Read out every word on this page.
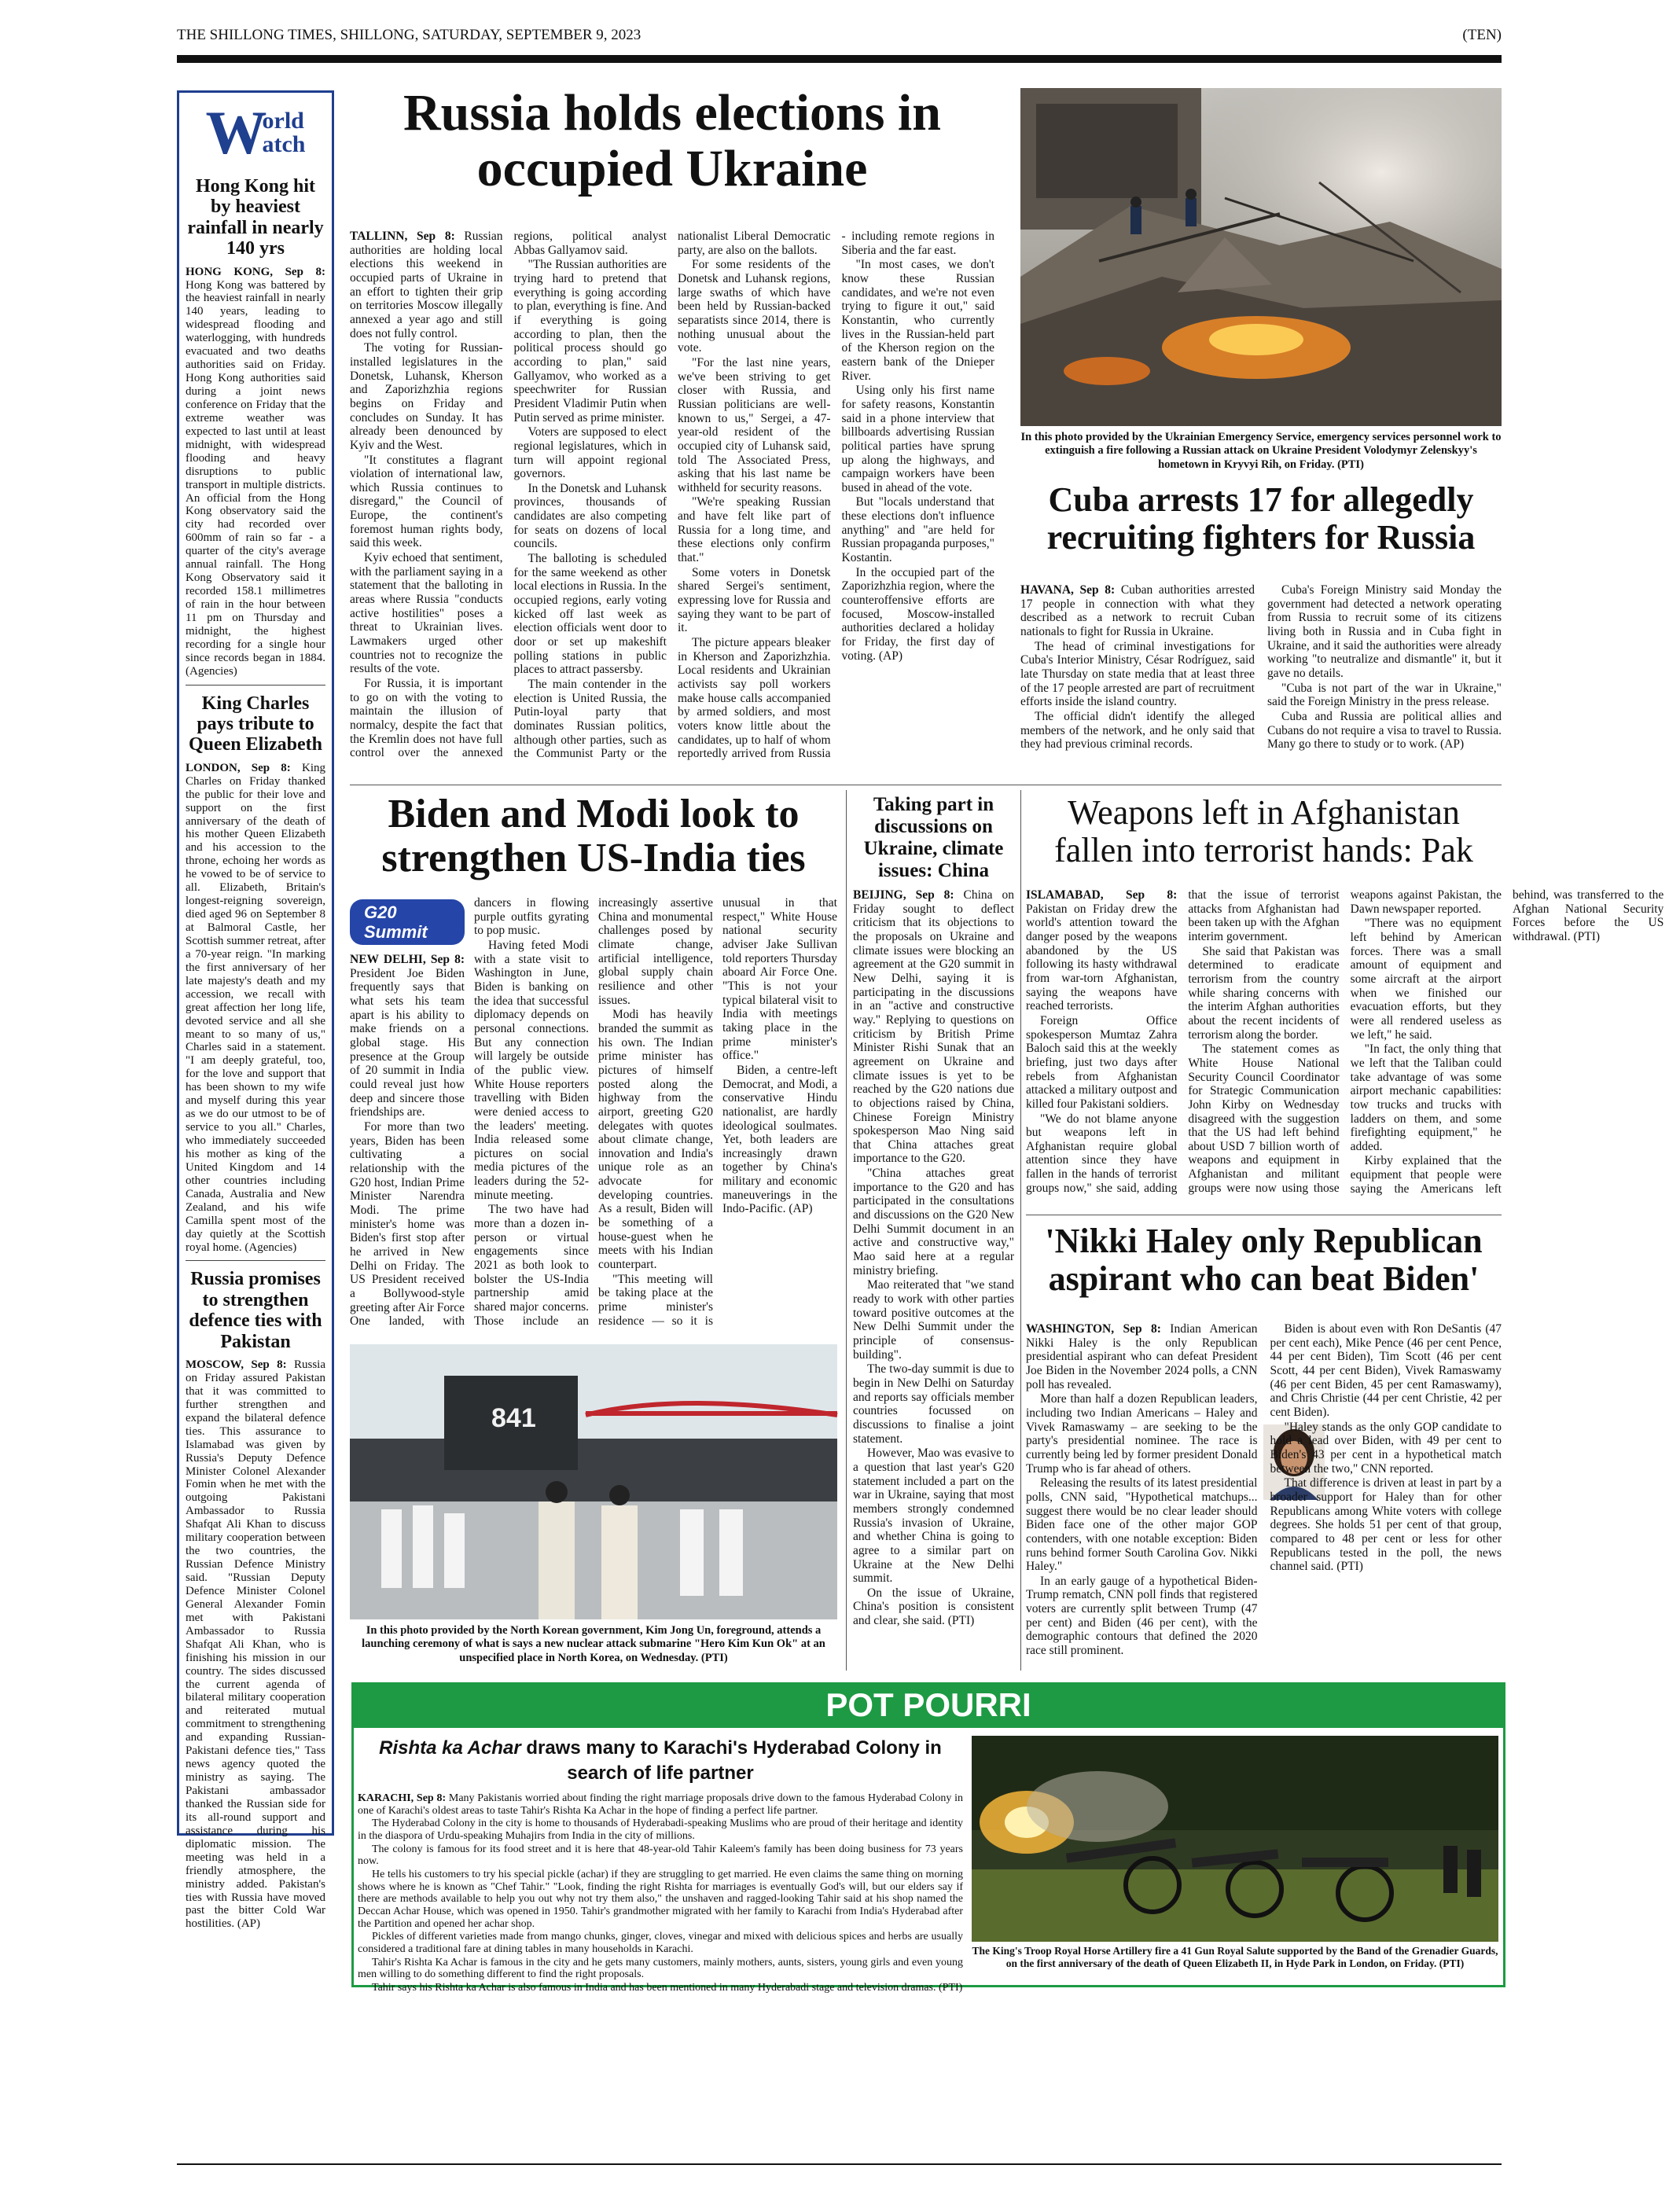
THE SHILLONG TIMES, SHILLONG, SATURDAY, SEPTEMBER 9, 2023	(TEN)
W
orld
atch
Hong Kong hit by heaviest rainfall in nearly 140 yrs

HONG KONG, Sep 8: Hong Kong was battered by the heaviest rainfall in nearly 140 years, leading to widespread flooding and waterlogging, with hundreds evacuated and two deaths authorities said on Friday. Hong Kong authorities said during a joint news conference on Friday that the extreme weather was expected to last until at least midnight, with widespread flooding and heavy disruptions to public transport in multiple districts. An official from the Hong Kong observatory said the city had recorded over 600mm of rain so far - a quarter of the city's average annual rainfall. The Hong Kong Observatory said it recorded 158.1 millimetres of rain in the hour between 11 pm on Thursday and midnight, the highest recording for a single hour since records began in 1884. (Agencies)

King Charles pays tribute to Queen Elizabeth

LONDON, Sep 8: King Charles on Friday thanked the public for their love and support on the first anniversary of the death of his mother Queen Elizabeth and his accession to the throne, echoing her words as he vowed to be of service to all. Elizabeth, Britain's longest-reigning sovereign, died aged 96 on September 8 at Balmoral Castle, her Scottish summer retreat, after a 70-year reign. "In marking the first anniversary of her late majesty's death and my accession, we recall with great affection her long life, devoted service and all she meant to so many of us," Charles said in a statement. "I am deeply grateful, too, for the love and support that has been shown to my wife and myself during this year as we do our utmost to be of service to you all." Charles, who immediately succeeded his mother as king of the United Kingdom and 14 other countries including Canada, Australia and New Zealand, and his wife Camilla spent most of the day quietly at the Scottish royal home. (Agencies)

Russia promises to strengthen defence ties with Pakistan

MOSCOW, Sep 8: Russia on Friday assured Pakistan that it was committed to further strengthen and expand the bilateral defence ties. This assurance to Islamabad was given by Russia's Deputy Defence Minister Colonel Alexander Fomin when he met with the outgoing Pakistani Ambassador to Russia Shafqat Ali Khan to discuss military cooperation between the two countries, the Russian Defence Ministry said. "Russian Deputy Defence Minister Colonel General Alexander Fomin met with Pakistani Ambassador to Russia Shafqat Ali Khan, who is finishing his mission in our country. The sides discussed the current agenda of bilateral military cooperation and reiterated mutual commitment to strengthening and expanding Russian-Pakistani defence ties," Tass news agency quoted the ministry as saying. The Pakistani ambassador thanked the Russian side for its all-round support and assistance during his diplomatic mission. The meeting was held in a friendly atmosphere, the ministry added. Pakistan's ties with Russia have moved past the bitter Cold War hostilities. (AP)

Russia holds elections in occupied Ukraine

TALLINN, Sep 8: Russian authorities are holding local elections this weekend in occupied parts of Ukraine in an effort to tighten their grip on territories Moscow illegally annexed a year ago and still does not fully control.

The voting for Russian-installed legislatures in the Donetsk, Luhansk, Kherson and Zaporizhzhia regions begins on Friday and concludes on Sunday. It has already been denounced by Kyiv and the West.

"It constitutes a flagrant violation of international law, which Russia continues to disregard," the Council of Europe, the continent's foremost human rights body, said this week.

Kyiv echoed that sentiment, with the parliament saying in a statement that the balloting in areas where Russia "conducts active hostilities" poses a threat to Ukrainian lives. Lawmakers urged other countries not to recognize the results of the vote.

For Russia, it is important to go on with the voting to maintain the illusion of normalcy, despite the fact that the Kremlin does not have full control over the annexed regions, political analyst Abbas Gallyamov said.

"The Russian authorities are trying hard to pretend that everything is going according to plan, everything is fine. And if everything is going according to plan, then the political process should go according to plan," said Gallyamov, who worked as a speechwriter for Russian President Vladimir Putin when Putin served as prime minister.

Voters are supposed to elect regional legislatures, which in turn will appoint regional governors.

In the Donetsk and Luhansk provinces, thousands of candidates are also competing for seats on dozens of local councils.

The balloting is scheduled for the same weekend as other local elections in Russia. In the occupied regions, early voting kicked off last week as election officials went door to door or set up makeshift polling stations in public places to attract passersby.

The main contender in the election is United Russia, the Putin-loyal party that dominates Russian politics, although other parties, such as the Communist Party or the nationalist Liberal Democratic party, are also on the ballots.

For some residents of the Donetsk and Luhansk regions, large swaths of which have been held by Russian-backed separatists since 2014, there is nothing unusual about the vote.

"For the last nine years, we've been striving to get closer with Russia, and Russian politicians are well-known to us," Sergei, a 47-year-old resident of the occupied city of Luhansk said, told The Associated Press, asking that his last name be withheld for security reasons.

"We're speaking Russian and have felt like part of Russia for a long time, and these elections only confirm that."

Some voters in Donetsk shared Sergei's sentiment, expressing love for Russia and saying they want to be part of it.

The picture appears bleaker in Kherson and Zaporizhzhia. Local residents and Ukrainian activists say poll workers make house calls accompanied by armed soldiers, and most voters know little about the candidates, up to half of whom reportedly arrived from Russia - including remote regions in Siberia and the far east.

"In most cases, we don't know these Russian candidates, and we're not even trying to figure it out," said Konstantin, who currently lives in the Russian-held part of the Kherson region on the eastern bank of the Dnieper River.

Using only his first name for safety reasons, Konstantin said in a phone interview that billboards advertising Russian political parties have sprung up along the highways, and campaign workers have been bused in ahead of the vote.

But "locals understand that these elections don't influence anything" and "are held for Russian propaganda purposes," Kostantin.

In the occupied part of the Zaporizhzhia region, where the counteroffensive efforts are focused, Moscow-installed authorities declared a holiday for Friday, the first day of voting. (AP)

In this photo provided by the Ukrainian Emergency Service, emergency services personnel work to extinguish a fire following a Russian attack on Ukraine President Volodymyr Zelenskyy's hometown in Kryvyi Rih, on Friday. (PTI)
Cuba arrests 17 for allegedly recruiting fighters for Russia

HAVANA, Sep 8: Cuban authorities arrested 17 people in connection with what they described as a network to recruit Cuban nationals to fight for Russia in Ukraine.

The head of criminal investigations for Cuba's Interior Ministry, César Rodríguez, said late Thursday on state media that at least three of the 17 people arrested are part of recruitment efforts inside the island country.

The official didn't identify the alleged members of the network, and he only said that they had previous criminal records.

Cuba's Foreign Ministry said Monday the government had detected a network operating from Russia to recruit some of its citizens living both in Russia and in Cuba fight in Ukraine, and it said the authorities were already working "to neutralize and dismantle" it, but it gave no details.

"Cuba is not part of the war in Ukraine," said the Foreign Ministry in the press release.

Cuba and Russia are political allies and Cubans do not require a visa to travel to Russia. Many go there to study or to work. (AP)

Biden and Modi look to strengthen US-India ties
G20 Summit

NEW DELHI, Sep 8: President Joe Biden frequently says that what sets his team apart is his ability to make friends on a global stage. His presence at the Group of 20 summit in India could reveal just how deep and sincere those friendships are.

For more than two years, Biden has been cultivating a relationship with the G20 host, Indian Prime Minister Narendra Modi. The prime minister's home was Biden's first stop after he arrived in New Delhi on Friday. The US President received a Bollywood-style greeting after Air Force One landed, with dancers in flowing purple outfits gyrating to pop music.

Having feted Modi with a state visit to Washington in June, Biden is banking on the idea that successful diplomacy depends on personal connections. But any connection will largely be outside of the public view. White House reporters travelling with Biden were denied access to the leaders' meeting. India released some pictures on social media pictures of the leaders during the 52-minute meeting.

The two have had more than a dozen in-person or virtual engagements since 2021 as both look to bolster the US-India partnership amid shared major concerns. Those include an increasingly assertive China and monumental challenges posed by climate change, artificial intelligence, global supply chain resilience and other issues.

Modi has heavily branded the summit as his own. The Indian prime minister has pictures of himself posted along the highway from the airport, greeting G20 delegates with quotes about climate change, innovation and India's unique role as an advocate for developing countries. As a result, Biden will be something of a house-guest when he meets with his Indian counterpart.

"This meeting will be taking place at the prime minister's residence — so it is unusual in that respect," White House national security adviser Jake Sullivan told reporters Thursday aboard Air Force One. "This is not your typical bilateral visit to India with meetings taking place in the prime minister's office."

Biden, a centre-left Democrat, and Modi, a conservative Hindu nationalist, are hardly ideological soulmates. Yet, both leaders are increasingly drawn together by China's military and economic maneuverings in the Indo-Pacific. (AP)

841
In this photo provided by the North Korean government, Kim Jong Un, foreground, attends a launching ceremony of what is says a new nuclear attack submarine "Hero Kim Kun Ok" at an unspecified place in North Korea, on Wednesday. (PTI)
Taking part in discussions on Ukraine, climate issues: China

BEIJING, Sep 8: China on Friday sought to deflect criticism that its objections to the proposals on Ukraine and climate issues were blocking an agreement at the G20 summit in New Delhi, saying it is participating in the discussions in an "active and constructive way." Replying to questions on criticism by British Prime Minister Rishi Sunak that an agreement on Ukraine and climate issues is yet to be reached by the G20 nations due to objections raised by China, Chinese Foreign Ministry spokesperson Mao Ning said that China attaches great importance to the G20.

"China attaches great importance to the G20 and has participated in the consultations and discussions on the G20 New Delhi Summit document in an active and constructive way," Mao said here at a regular ministry briefing.

Mao reiterated that "we stand ready to work with other parties toward positive outcomes at the New Delhi Summit under the principle of consensus-building".

The two-day summit is due to begin in New Delhi on Saturday and reports say officials member countries focussed on discussions to finalise a joint statement.

However, Mao was evasive to a question that last year's G20 statement included a part on the war in Ukraine, saying that most members strongly condemned Russia's invasion of Ukraine, and whether China is going to agree to a similar part on Ukraine at the New Delhi summit.

On the issue of Ukraine, China's position is consistent and clear, she said. (PTI)

Weapons left in Afghanistan fallen into terrorist hands: Pak

ISLAMABAD, Sep 8: Pakistan on Friday drew the world's attention toward the danger posed by the weapons abandoned by the US following its hasty withdrawal from war-torn Afghanistan, saying the weapons have reached terrorists.

Foreign Office spokesperson Mumtaz Zahra Baloch said this at the weekly briefing, just two days after rebels from Afghanistan attacked a military outpost and killed four Pakistani soldiers.

"We do not blame anyone but weapons left in Afghanistan require global attention since they have fallen in the hands of terrorist groups now," she said, adding that the issue of terrorist attacks from Afghanistan had been taken up with the Afghan interim government.

She said that Pakistan was determined to eradicate terrorism from the country while sharing concerns with the interim Afghan authorities about the recent incidents of terrorism along the border.

The statement comes as White House National Security Council Coordinator for Strategic Communication John Kirby on Wednesday disagreed with the suggestion that the US had left behind about USD 7 billion worth of weapons and equipment in Afghanistan and militant groups were now using those weapons against Pakistan, the Dawn newspaper reported.

"There was no equipment left behind by American forces. There was a small amount of equipment and some aircraft at the airport when we finished our evacuation efforts, but they were all rendered useless as we left," he said.

"In fact, the only thing that we left that the Taliban could take advantage of was some airport mechanic capabilities: tow trucks and trucks with ladders on them, and some firefighting equipment," he added.

Kirby explained that the equipment that people were saying the Americans left behind, was transferred to the Afghan National Security Forces before the US withdrawal. (PTI)

'Nikki Haley only Republican aspirant who can beat Biden'

WASHINGTON, Sep 8: Indian American Nikki Haley is the only Republican presidential aspirant who can defeat President Joe Biden in the November 2024 polls, a CNN poll has revealed.

More than half a dozen Republican leaders, including two Indian Americans – Haley and Vivek Ramaswamy – are seeking to be the party's presidential nominee. The race is currently being led by former president Donald Trump who is far ahead of others.

Releasing the results of its latest presidential polls, CNN said, "Hypothetical matchups... suggest there would be no clear leader should Biden face one of the other major GOP contenders, with one notable exception: Biden runs behind former South Carolina Gov. Nikki Haley."

In an early gauge of a hypothetical Biden-Trump rematch, CNN poll finds that registered voters are currently split between Trump (47 per cent) and Biden (46 per cent), with the demographic contours that defined the 2020 race still prominent.

Biden is about even with Ron DeSantis (47 per cent each), Mike Pence (46 per cent Pence, 44 per cent Biden), Tim Scott (46 per cent Scott, 44 per cent Biden), Vivek Ramaswamy (46 per cent Biden, 45 per cent Ramaswamy), and Chris Christie (44 per cent Christie, 42 per cent Biden).

"Haley stands as the only GOP candidate to hold a lead over Biden, with 49 per cent to Biden's 43 per cent in a hypothetical match between the two," CNN reported.

That difference is driven at least in part by a broader support for Haley than for other Republicans among White voters with college degrees. She holds 51 per cent of that group, compared to 48 per cent or less for other Republicans tested in the poll, the news channel said. (PTI)

POT POURRI
Rishta ka Achar draws many to Karachi's Hyderabad Colony in search of life partner

KARACHI, Sep 8: Many Pakistanis worried about finding the right marriage proposals drive down to the famous Hyderabad Colony in one of Karachi's oldest areas to taste Tahir's Rishta Ka Achar in the hope of finding a perfect life partner.

The Hyderabad Colony in the city is home to thousands of Hyderabadi-speaking Muslims who are proud of their heritage and identity in the diaspora of Urdu-speaking Muhajirs from India in the city of millions.

The colony is famous for its food street and it is here that 48-year-old Tahir Kaleem's family has been doing business for 73 years now.

He tells his customers to try his special pickle (achar) if they are struggling to get married. He even claims the same thing on morning shows where he is known as "Chef Tahir." "Look, finding the right Rishta for marriages is eventually God's will, but our elders say if there are methods available to help you out why not try them also," the unshaven and ragged-looking Tahir said at his shop named the Deccan Achar House, which was opened in 1950. Tahir's grandmother migrated with her family to Karachi from India's Hyderabad after the Partition and opened her achar shop.

Pickles of different varieties made from mango chunks, ginger, cloves, vinegar and mixed with delicious spices and herbs are usually considered a traditional fare at dining tables in many households in Karachi.

Tahir's Rishta Ka Achar is famous in the city and he gets many customers, mainly mothers, aunts, sisters, young girls and even young men willing to do something different to find the right proposals.

Tahir says his Rishta ka Achar is also famous in India and has been mentioned in many Hyderabadi stage and television dramas. (PTI)

The King's Troop Royal Horse Artillery fire a 41 Gun Royal Salute supported by the Band of the Grenadier Guards, on the first anniversary of the death of Queen Elizabeth II, in Hyde Park in London, on Friday. (PTI)
